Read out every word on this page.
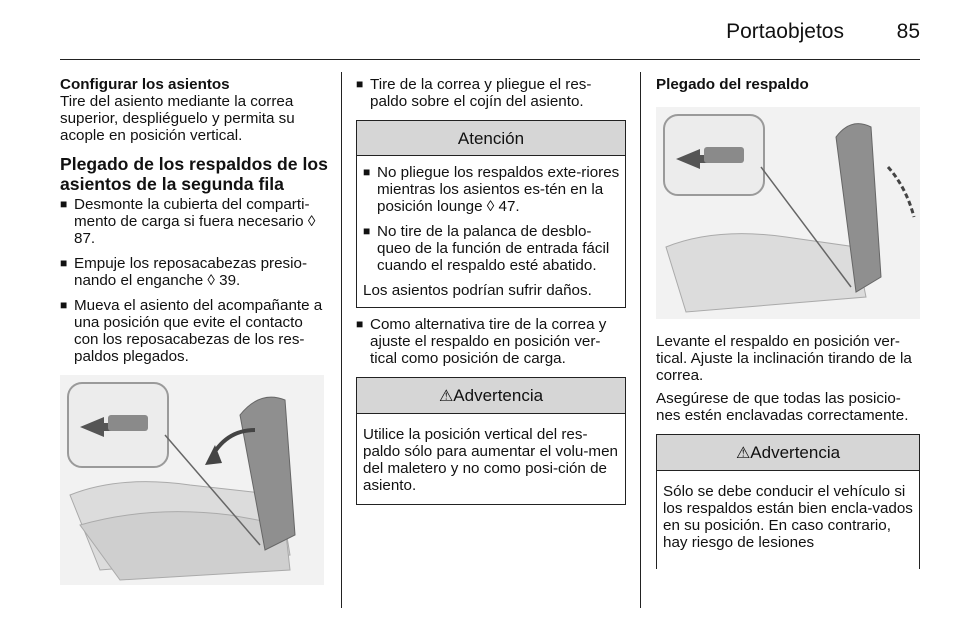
Portaobjetos	85

Configurar los asientos

Tire del asiento mediante la correa superior, despliéguelo y permita su acople en posición vertical.

Plegado de los respaldos de los asientos de la segunda fila

■ Desmonte la cubierta del comparti-mento de carga si fuera necesario ◊ 87.
■ Empuje los reposacabezas presio-nando el enganche ◊ 39.
■ Mueva el asiento del acompañante a una posición que evite el contacto con los reposacabezas de los res-paldos plegados.
■ Tire de la correa y pliegue el res-paldo sobre el cojín del asiento.
Atención
■ No pliegue los respaldos exte-riores mientras los asientos es-tén en la posición lounge ◊ 47.
■ No tire de la palanca de desblo-queo de la función de entrada fácil cuando el respaldo esté abatido.

Los asientos podrían sufrir daños.

■ Como alternativa tire de la correa y ajuste el respaldo en posición ver-tical como posición de carga.
⚠Advertencia

Utilice la posición vertical del res-paldo sólo para aumentar el volu-men del maletero y no como posi-ción de asiento.

Plegado del respaldo

Levante el respaldo en posición ver-tical. Ajuste la inclinación tirando de la correa.

Asegúrese de que todas las posicio-nes estén enclavadas correctamente.

⚠Advertencia

Sólo se debe conducir el vehículo si los respaldos están bien encla-vados en su posición. En caso contrario, hay riesgo de lesiones
